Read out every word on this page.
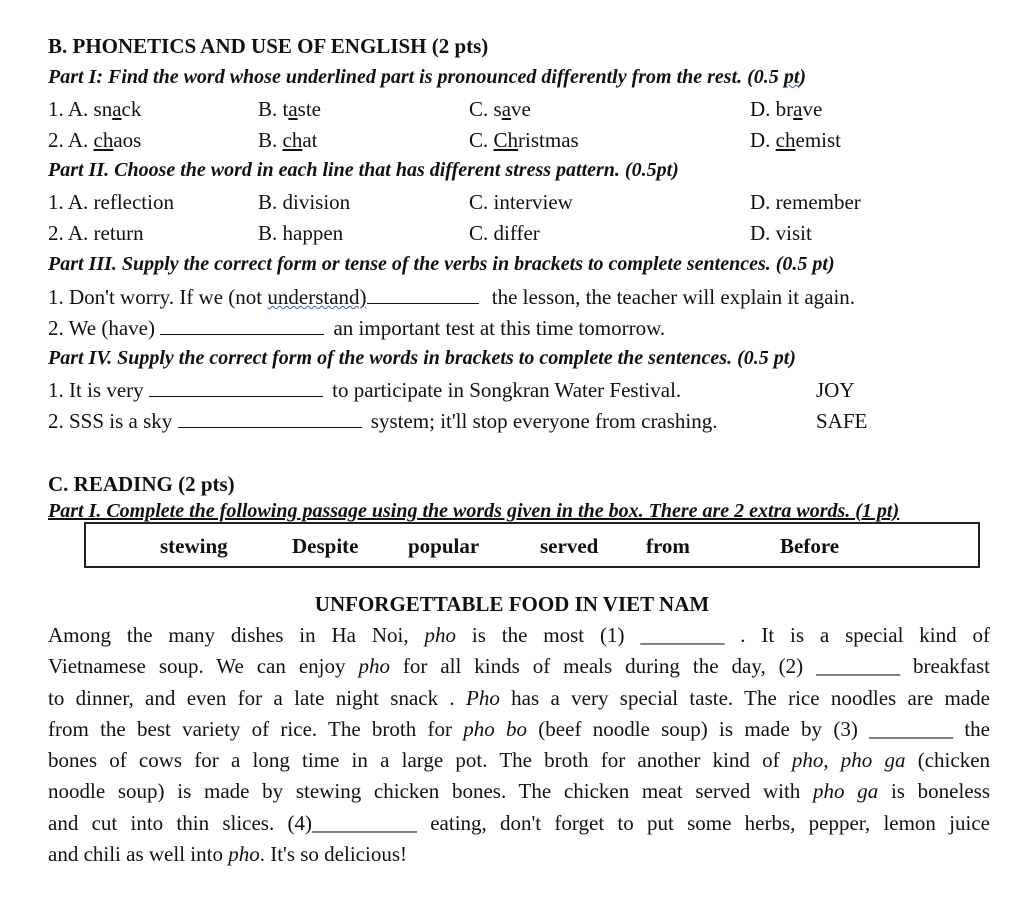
B. PHONETICS AND USE OF ENGLISH (2 pts)
Part I: Find the word whose underlined part is pronounced differently from the rest. (0.5 pt)
1. A. snack	B. taste	C. save	D. brave
2. A. chaos	B. chat	C. Christmas	D. chemist
Part II. Choose the word in each line that has different stress pattern. (0.5pt)
1. A. reflection	B. division	C. interview	D. remember
2. A. return	B. happen	C. differ	D. visit
Part III. Supply the correct form or tense of the verbs in brackets to complete sentences. (0.5 pt)
1. Don't worry. If we (not understand)	the lesson, the teacher will explain it again.
2. We (have)	an important test at this time tomorrow.
Part IV. Supply the correct form of the words in brackets to complete the sentences. (0.5 pt)
1. It is very	to participate in Songkran Water Festival.	JOY
2. SSS is a sky	system; it'll stop everyone from crashing.	SAFE
C. READING (2 pts)
Part I. Complete the following passage using the words given in the box. There are 2 extra words. (1 pt)
stewing	Despite popular	served from	Before
UNFORGETTABLE FOOD IN VIET NAM
Among the many dishes in Ha Noi, pho is the most (1) ________ . It is a special kind of
Vietnamese soup. We can enjoy pho for all kinds of meals during the day, (2) ________ breakfast
to dinner, and even for a late night snack . Pho has a very special taste. The rice noodles are made
from the best variety of rice. The broth for pho bo (beef noodle soup) is made by (3) ________ the
bones of cows for a long time in a large pot. The broth for another kind of pho, pho ga (chicken
noodle soup) is made by stewing chicken bones. The chicken meat served with pho ga is boneless
and cut into thin slices. (4)__________ eating, don't forget to put some herbs, pepper, lemon juice
and chili as well into pho. It's so delicious!
